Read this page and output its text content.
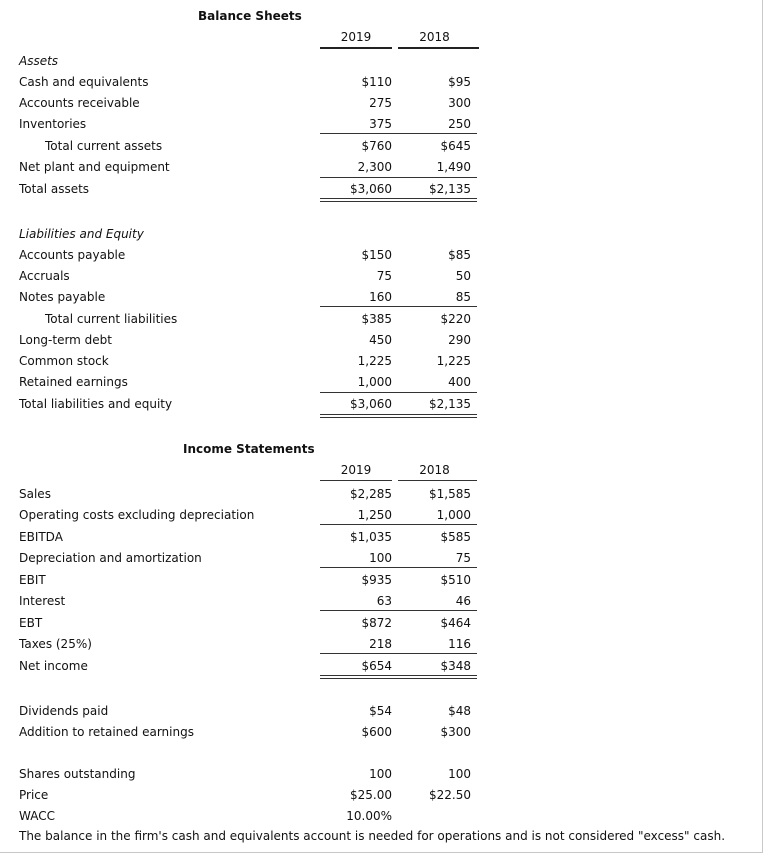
Balance Sheets
2019	2018
Assets
Cash and equivalents	$110	$95
Accounts receivable	275	300
Inventories	375	250
Total current assets	$760	$645
Net plant and equipment	2,300	1,490
Total assets	$3,060	$2,135
Liabilities and Equity
Accounts payable	$150	$85
Accruals	75	50
Notes payable	160	85
Total current liabilities	$385	$220
Long-term debt	450	290
Common stock	1,225	1,225
Retained earnings	1,000	400
Total liabilities and equity	$3,060	$2,135
Income Statements
2019	2018
Sales	$2,285	$1,585
Operating costs excluding depreciation	1,250	1,000
EBITDA	$1,035	$585
Depreciation and amortization	100	75
EBIT	$935	$510
Interest	63	46
EBT	$872	$464
Taxes (25%)	218	116
Net income	$654	$348
Dividends paid	$54	$48
Addition to retained earnings	$600	$300
Shares outstanding	100	100
Price	$25.00	$22.50
WACC	10.00%
The balance in the firm's cash and equivalents account is needed for operations and is not considered "excess" cash.
